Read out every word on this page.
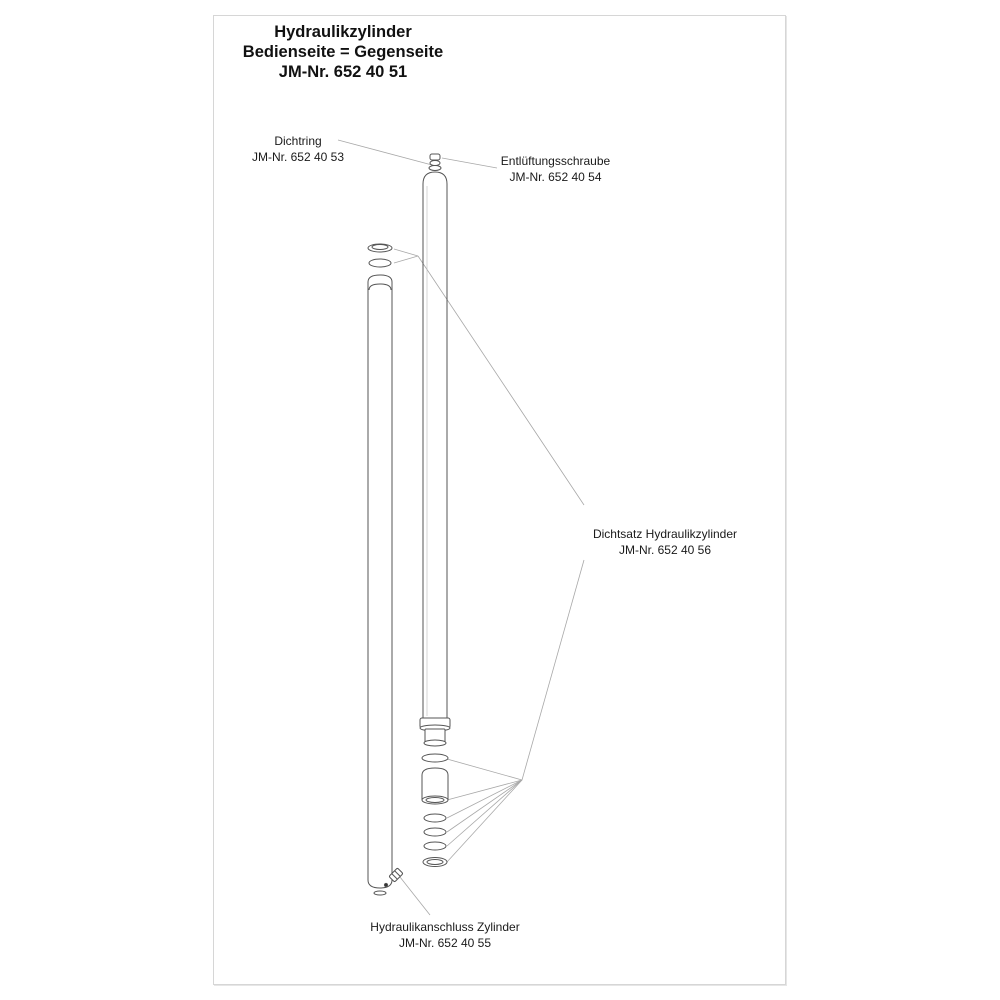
Hydraulikzylinder
Bedienseite = Gegenseite
JM-Nr. 652 40 51
Dichtring
JM-Nr. 652 40 53	Entlüftungsschraube
JM-Nr. 652 40 54
Dichtsatz Hydraulikzylinder
JM-Nr. 652 40 56
Hydraulikanschluss Zylinder
JM-Nr. 652 40 55
